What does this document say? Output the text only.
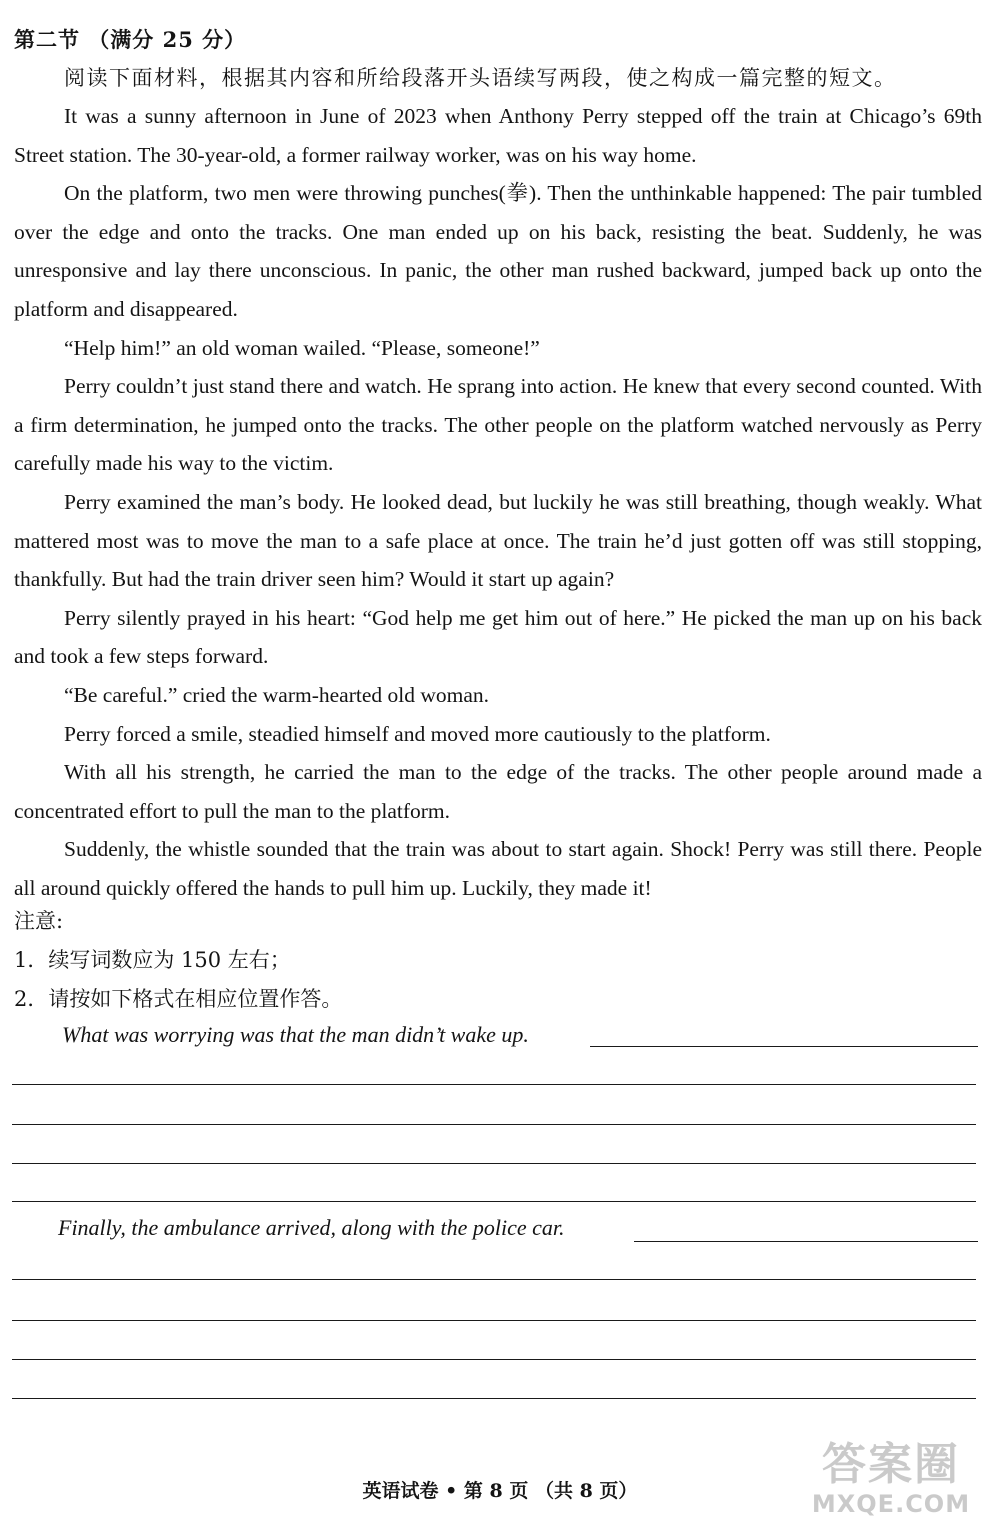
第二节 （满分 25 分）
阅读下面材料，根据其内容和所给段落开头语续写两段，使之构成一篇完整的短文。

It was a sunny afternoon in June of 2023 when Anthony Perry stepped off the train at Chicago’s 69th Street station. The 30-year-old, a former railway worker, was on his way home.

On the platform, two men were throwing punches(拳). Then the unthinkable happened: The pair tumbled over the edge and onto the tracks. One man ended up on his back, resisting the beat. Suddenly, he was unresponsive and lay there unconscious. In panic, the other man rushed backward, jumped back up onto the platform and disappeared.

“Help him!” an old woman wailed. “Please, someone!”

Perry couldn’t just stand there and watch. He sprang into action. He knew that every second counted. With a firm determination, he jumped onto the tracks. The other people on the platform watched nervously as Perry carefully made his way to the victim.

Perry examined the man’s body. He looked dead, but luckily he was still breathing, though weakly. What mattered most was to move the man to a safe place at once. The train he’d just gotten off was still stopping, thankfully. But had the train driver seen him? Would it start up again?

Perry silently prayed in his heart: “God help me get him out of here.” He picked the man up on his back and took a few steps forward.

“Be careful.” cried the warm-hearted old woman.

Perry forced a smile, steadied himself and moved more cautiously to the platform.

With all his strength, he carried the man to the edge of the tracks. The other people around made a concentrated effort to pull the man to the platform.

Suddenly, the whistle sounded that the train was about to start again. Shock! Perry was still there. People all around quickly offered the hands to pull him up. Luckily, they made it!

注意:
1．续写词数应为 150 左右；
2．请按如下格式在相应位置作答。
What was worrying was that the man didn’t wake up.
Finally, the ambulance arrived, along with the police car.
英语试卷 • 第 8 页 （共 8 页）
答案圈
MXQE.COM
